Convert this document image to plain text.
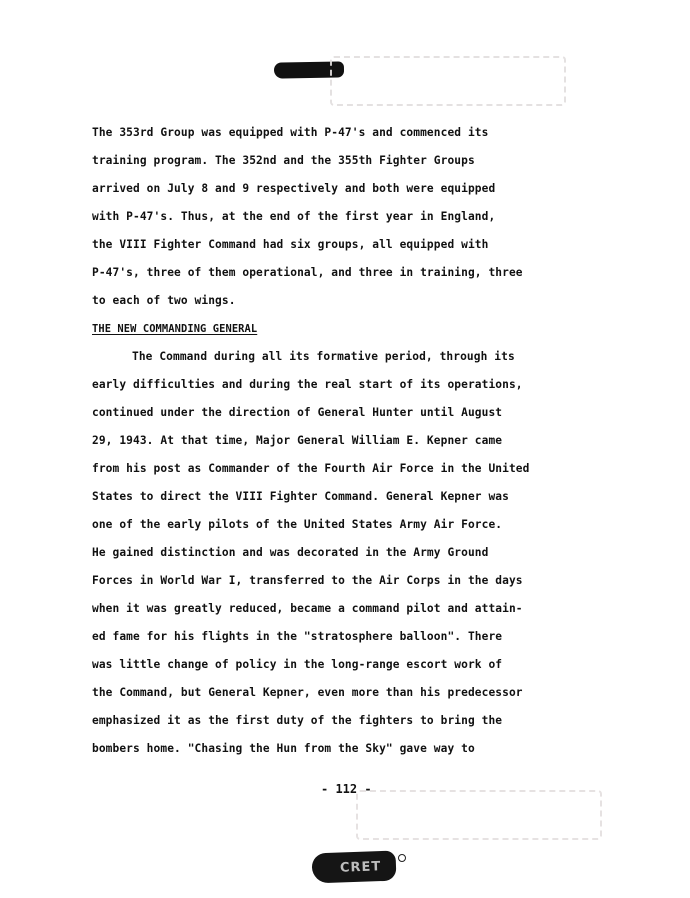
The 353rd Group was equipped with P-47's and commenced its
training program. The 352nd and the 355th Fighter Groups
arrived on July 8 and 9 respectively and both were equipped
with P-47's. Thus, at the end of the first year in England,
the VIII Fighter Command had six groups, all equipped with
P-47's, three of them operational, and three in training, three
to each of two wings.
THE NEW COMMANDING GENERAL
The Command during all its formative period, through its
early difficulties and during the real start of its operations,
continued under the direction of General Hunter until August
29, 1943. At that time, Major General William E. Kepner came
from his post as Commander of the Fourth Air Force in the United
States to direct the VIII Fighter Command. General Kepner was
one of the early pilots of the United States Army Air Force.
He gained distinction and was decorated in the Army Ground
Forces in World War I, transferred to the Air Corps in the days
when it was greatly reduced, became a command pilot and attain-
ed fame for his flights in the "stratosphere balloon". There
was little change of policy in the long-range escort work of
the Command, but General Kepner, even more than his predecessor
emphasized it as the first duty of the fighters to bring the
bombers home. "Chasing the Hun from the Sky" gave way to
- 112 -
CRET
